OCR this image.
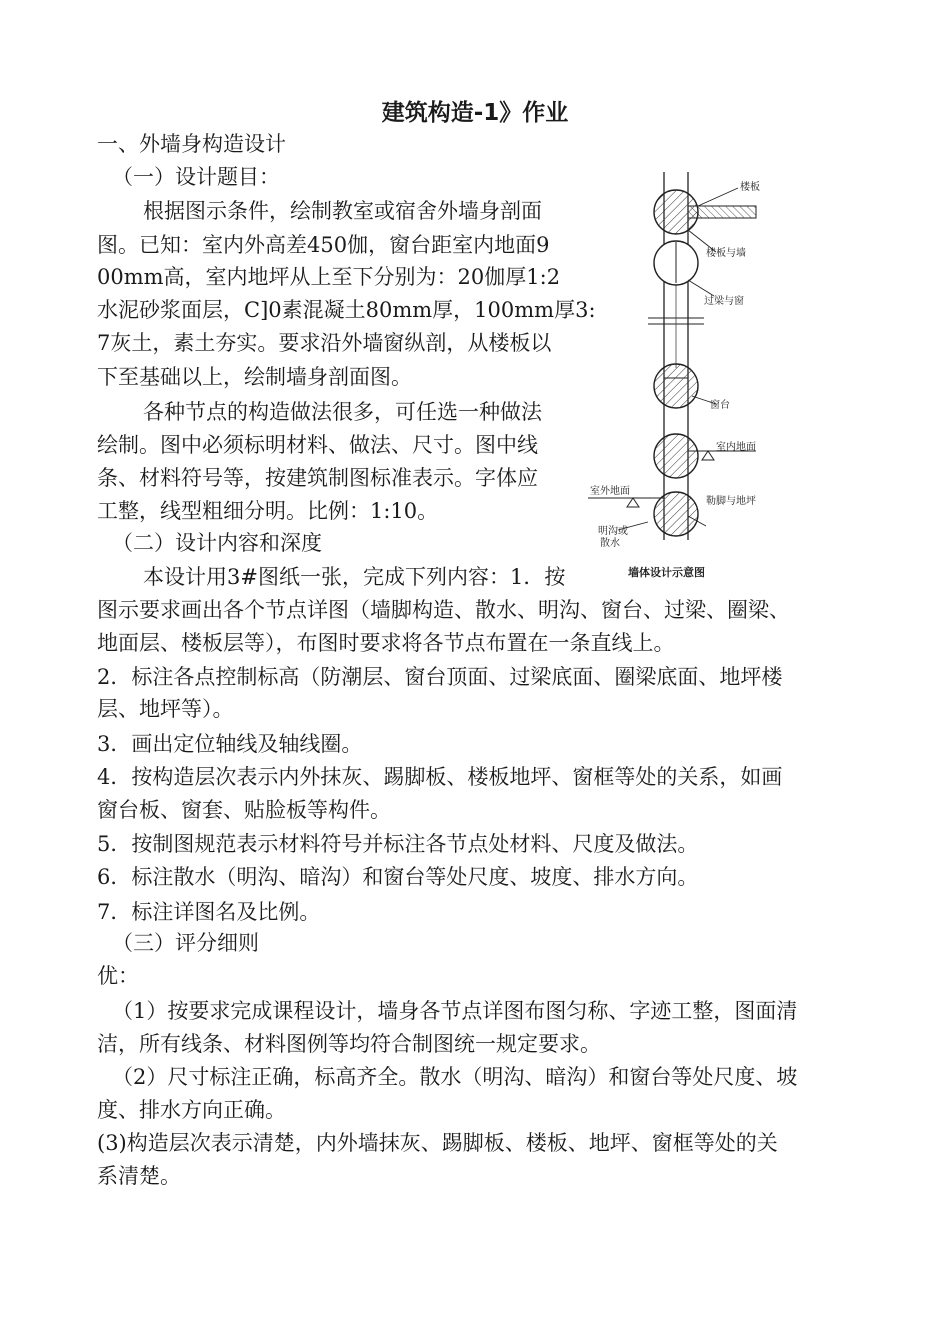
建筑构造-1》作业
一、外墙身构造设计
（一）设计题目：
根据图示条件，绘制教室或宿舍外墙身剖面
图。已知：室内外高差450伽，窗台距室内地面9
00mm高，室内地坪从上至下分别为：20伽厚1:2
水泥砂浆面层，C]0素混凝土80mm厚，100mm厚3:
7灰土，素土夯实。要求沿外墙窗纵剖，从楼板以
下至基础以上，绘制墙身剖面图。
各种节点的构造做法很多，可任选一种做法
绘制。图中必须标明材料、做法、尺寸。图中线
条、材料符号等，按建筑制图标准表示。字体应
工整，线型粗细分明。比例：1:10。
（二）设计内容和深度
本设计用3#图纸一张，完成下列内容：1．按
图示要求画出各个节点详图（墙脚构造、散水、明沟、窗台、过梁、圈梁、
地面层、楼板层等），布图时要求将各节点布置在一条直线上。
2．标注各点控制标高（防潮层、窗台顶面、过梁底面、圈梁底面、地坪楼
层、地坪等）。
3．画出定位轴线及轴线圈。
4．按构造层次表示内外抹灰、踢脚板、楼板地坪、窗框等处的关系，如画
窗台板、窗套、贴脸板等构件。
5．按制图规范表示材料符号并标注各节点处材料、尺度及做法。
6．标注散水（明沟、暗沟）和窗台等处尺度、坡度、排水方向。
7．标注详图名及比例。
（三）评分细则
优：
（1）按要求完成课程设计，墙身各节点详图布图匀称、字迹工整，图面清
洁，所有线条、材料图例等均符合制图统一规定要求。
（2）尺寸标注正确，标高齐全。散水（明沟、暗沟）和窗台等处尺度、坡
度、排水方向正确。
(3)构造层次表示清楚，内外墙抹灰、踢脚板、楼板、地坪、窗框等处的关
系清楚。
楼板
楼板与墙
过梁与窗
窗台
室内地面
室外地面
勒脚与地坪
明沟或
散水
墙体设计示意图
